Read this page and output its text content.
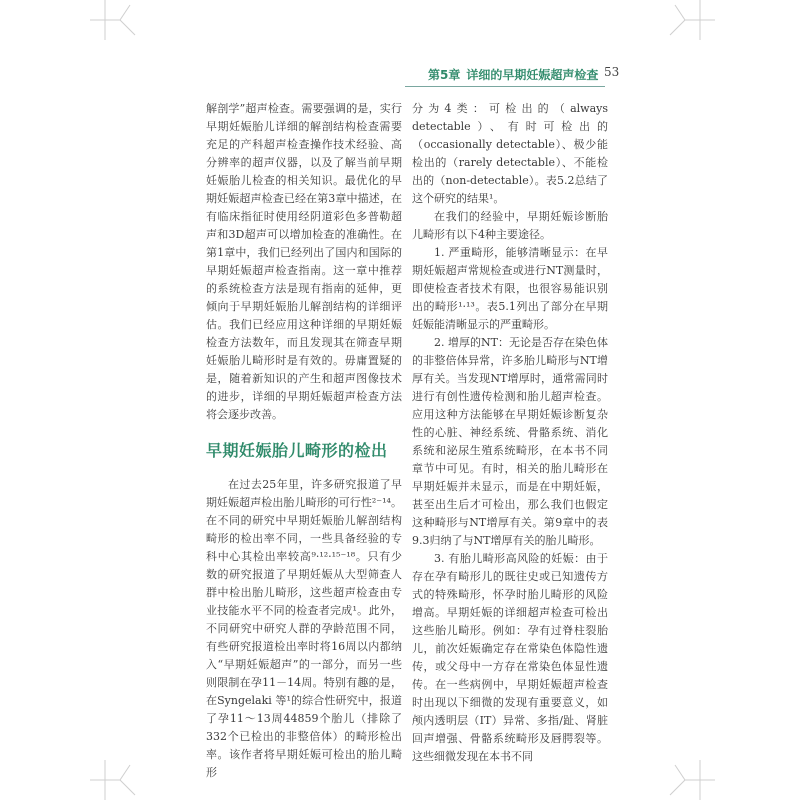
第5章 详细的早期妊娠超声检查 53

解剖学”超声检查。需要强调的是，实行早期妊娠胎儿详细的解剖结构检查需要充足的产科超声检查操作技术经验、高分辨率的超声仪器，以及了解当前早期妊娠胎儿检查的相关知识。最优化的早期妊娠超声检查已经在第3章中描述，在有临床指征时使用经阴道彩色多普勒超声和3D超声可以增加检查的准确性。在第1章中，我们已经列出了国内和国际的早期妊娠超声检查指南。这一章中推荐的系统检查方法是现有指南的延伸，更倾向于早期妊娠胎儿解剖结构的详细评估。我们已经应用这种详细的早期妊娠检查方法数年，而且发现其在筛查早期妊娠胎儿畸形时是有效的。毋庸置疑的是，随着新知识的产生和超声图像技术的进步，详细的早期妊娠超声检查方法将会逐步改善。

早期妊娠胎儿畸形的检出

在过去25年里，许多研究报道了早期妊娠超声检出胎儿畸形的可行性²⁻¹⁴。在不同的研究中早期妊娠胎儿解剖结构畸形的检出率不同，一些具备经验的专科中心其检出率较高⁹·¹²·¹⁵⁻¹⁸。只有少数的研究报道了早期妊娠从大型筛查人群中检出胎儿畸形，这些超声检查由专业技能水平不同的检查者完成¹。此外，不同研究中研究人群的孕龄范围不同，有些研究报道检出率时将16周以内都纳入“早期妊娠超声”的一部分，而另一些则限制在孕11－14周。特别有趣的是，在Syngelaki 等¹的综合性研究中，报道了孕11～13周44859个胎儿（排除了332个已检出的非整倍体）的畸形检出率。该作者将早期妊娠可检出的胎儿畸形

分为4类：可检出的（always detectable）、有时可检出的（occasionally detectable）、极少能检出的（rarely detectable）、不能检出的（non-detectable）。表5.2总结了这个研究的结果¹。

在我们的经验中，早期妊娠诊断胎儿畸形有以下4种主要途径。

1. 严重畸形，能够清晰显示：在早期妊娠超声常规检查或进行NT测量时，即使检查者技术有限，也很容易能识别出的畸形¹·¹³。表5.1列出了部分在早期妊娠能清晰显示的严重畸形。

2. 增厚的NT：无论是否存在染色体的非整倍体异常，许多胎儿畸形与NT增厚有关。当发现NT增厚时，通常需同时进行有创性遗传检测和胎儿超声检查。应用这种方法能够在早期妊娠诊断复杂性的心脏、神经系统、骨骼系统、消化系统和泌尿生殖系统畸形，在本书不同章节中可见。有时，相关的胎儿畸形在早期妊娠并未显示，而是在中期妊娠，甚至出生后才可检出，那么我们也假定这种畸形与NT增厚有关。第9章中的表9.3归纳了与NT增厚有关的胎儿畸形。

3. 有胎儿畸形高风险的妊娠：由于存在孕有畸形儿的既往史或已知遗传方式的特殊畸形，怀孕时胎儿畸形的风险增高。早期妊娠的详细超声检查可检出这些胎儿畸形。例如：孕有过脊柱裂胎儿，前次妊娠确定存在常染色体隐性遗传，或父母中一方存在常染色体显性遗传。在一些病例中，早期妊娠超声检查时出现以下细微的发现有重要意义，如颅内透明层（IT）异常、多指/趾、肾脏回声增强、骨骼系统畸形及唇腭裂等。这些细微发现在本书不同
